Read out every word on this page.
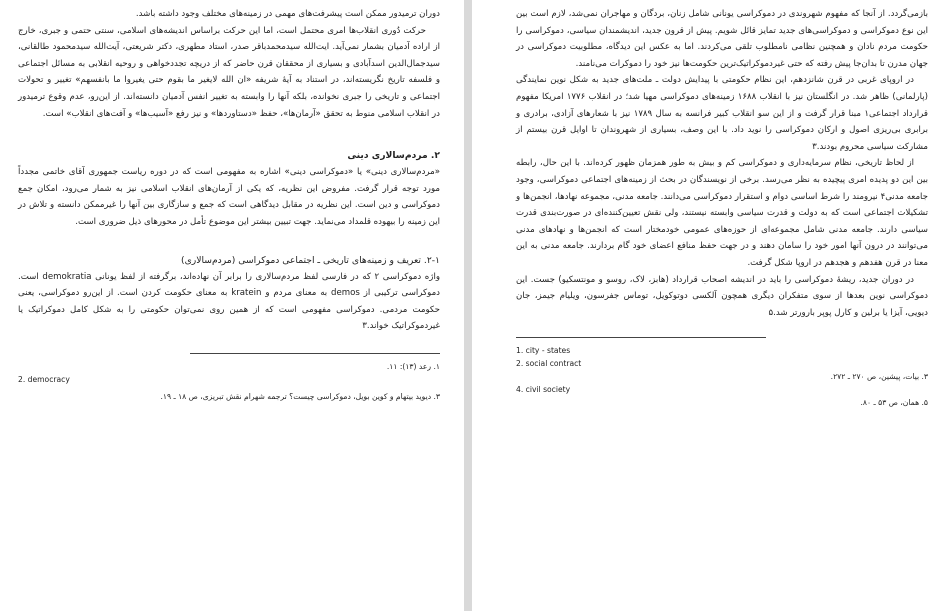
دوران ترمیدور ممکن است پیشرفت‌های مهمی در زمینه‌های مختلف وجود داشته باشد.

حرکت دُوری انقلاب‌ها امری محتمل است، اما این حرکت براساس اندیشه‌های اسلامی، سنتی حتمی و جبری، خارج از اراده آدمیان بشمار نمی‌آید. ایت‌الله سیدمحمدباقر صدر، استاد مطهری، دکتر شریعتی، آیت‌الله سیدمحمود طالقانی، سیدجمال‌الدین اسدآبادی و بسیاری از محققان قرن حاضر که از دریچه تجددخواهی و روحیه انقلابی به مسائل اجتماعی و فلسفه تاریخ نگریسته‌اند، در استناد به آیهٔ شریفه «ان الله لایغیر ما بقوم حتی یغیروا ما بانفسهم» تغییر و تحولات اجتماعی و تاریخی را جبری نخوانده، بلکه آنها را وابسته به تغییر انفس آدمیان دانسته‌اند. از این‌رو، عدم وقوع ترمیدور در انقلاب اسلامی منوط به تحقق «آرمان‌ها»، حفظ «دستاوردها» و نیز رفع «آسیب‌ها» و آفت‌های انقلاب» است.

۲. مردم‌سالاری دینی

«مردم‌سالاری دینی» یا «دموکراسی دینی» اشاره به مفهومی است که در دوره ریاست جمهوری آقای خاتمی مجدداً مورد توجه قرار گرفت. مفروض این نظریه، که یکی از آرمان‌های انقلاب اسلامی نیز به شمار می‌رود، امکان جمع دموکراسی و دین است. این نظریه در مقابل دیدگاهی است که جمع و سازگاری بین آنها را غیرممکن دانسته و تلاش در این زمینه را بیهوده قلمداد می‌نماید. جهت تبیین بیشتر این موضوع تأمل در محورهای ذیل ضروری است.

۲-۱. تعریف و زمینه‌های تاریخی ـ اجتماعی دموکراسی (مردم‌سالاری)

واژه دموکراسی ۲ که در فارسی لفظ مردم‌سالاری را برابر آن نهاده‌اند، برگرفته از لفظ یونانی demokratia است. دموکراسی ترکیبی از demos به معنای مردم و kratein به معنای حکومت کردن است. از این‌رو دموکراسی، یعنی حکومت مردمی. دموکراسی مفهومی است که از همین روی نمی‌توان حکومتی را به شکل کامل دموکراتیک یا غیردموکراتیک خواند.۳

۱. رعد (۱۳): ۱۱.

2. democracy

۳. دیوید بیتهام و کوین بویل، دموکراسی چیست؟ ترجمه شهرام نقش تبریزی، ص ۱۸ ـ ۱۹.

بازمی‌گردد. از آنجا که مفهوم شهروندی در دموکراسی یونانی شامل زنان، بردگان و مهاجران نمی‌شد، لازم است بین این نوع دموکراسی و دموکراسی‌های جدید تمایز قائل شویم. پیش از قرون جدید، اندیشمندان سیاسی، دموکراسی را حکومت مردم نادان و همچنین نظامی نامطلوب تلقی می‌کردند. اما به عکس این دیدگاه، مطلوبیت دموکراسی در جهان مدرن تا بدان‌جا پیش رفته که حتی غیردموکراتیک‌ترین حکومت‌ها نیز خود را دموکرات می‌نامند.

در اروپای غربی در قرن شانزدهم، این نظام حکومتی با پیدایش دولت ـ ملت‌های جدید به شکل نوین نمایندگی (پارلمانی) ظاهر شد. در انگلستان نیز با انقلاب ۱۶۸۸ زمینه‌های دموکراسی مهیا شد؛ در انقلاب ۱۷۷۶ امریکا مفهوم قرارداد اجتماعی۱ مبنا قرار گرفت و از این سو انقلاب کبیر فرانسه به سال ۱۷۸۹ نیز با شعارهای آزادی، برادری و برابری بی‌ریزی اصول و ارکان دموکراسی را نوید داد. با این وصف، بسیاری از شهروندان تا اوایل قرن بیستم از مشارکت سیاسی محروم بودند.۳

از لحاظ تاریخی، نظام سرمایه‌داری و دموکراسی کم و بیش به طور همزمان ظهور کرده‌اند. با این حال، رابطه بین این دو پدیده امری پیچیده به نظر می‌رسد. برخی از نویسندگان در بحث از زمینه‌های اجتماعی دموکراسی، وجود جامعه مدنی۴ نیرومند را شرط اساسی دوام و استقرار دموکراسی می‌دانند. جامعه مدنی، مجموعه نهادها، انجمن‌ها و تشکیلات اجتماعی است که به دولت و قدرت سیاسی وابسته نیستند، ولی نقش تعیین‌کننده‌ای در صورت‌بندی قدرت سیاسی دارند. جامعه مدنی شامل مجموعه‌ای از حوزه‌های عمومی خودمختار است که انجمن‌ها و نهادهای مدنی می‌توانند در درون آنها امور خود را سامان دهند و در جهت حفظ منافع اعضای خود گام بردارند. جامعه مدنی به این معنا در قرن هفدهم و هجدهم در اروپا شکل گرفت.

در دوران جدید، ریشهٔ دموکراسی را باید در اندیشه اصحاب قرارداد (هابز، لاک، روسو و مونتسکیو) جست. این دموکراسی نوین بعدها از سوی متفکران دیگری همچون آلکسی دوتوکویل، توماس جفرسون، ویلیام جیمز، جان دیویی، آیزا یا برلین و کارل پوپر بارورتر شد.۵

1. city - states

2. social contract

۳. بیات، پیشین، ص ۲۷۰ ـ ۲۷۲.

4. civil society

۵. همان، ص ۵۳ ـ ۸۰.
